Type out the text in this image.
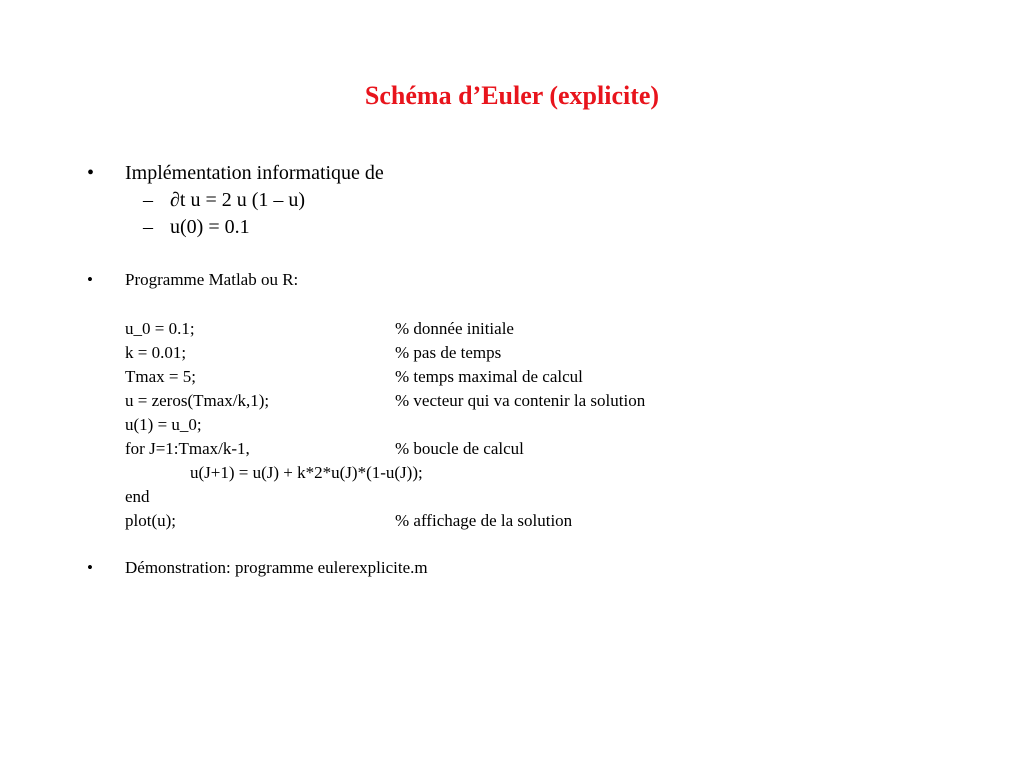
Schéma d’Euler (explicite)
•	Implémentation informatique de
– ∂t u = 2 u (1 – u)
– u(0) = 0.1
•	Programme Matlab ou R:
u_0 = 0.1;	% donnée initiale
k = 0.01;	% pas de temps
Tmax = 5;	% temps maximal de calcul
u = zeros(Tmax/k,1);	% vecteur qui va contenir la solution
u(1) = u_0;
for J=1:Tmax/k-1,	% boucle de calcul
u(J+1) = u(J) + k*2*u(J)*(1-u(J));
end
plot(u);	% affichage de la solution
•	Démonstration: programme eulerexplicite.m
